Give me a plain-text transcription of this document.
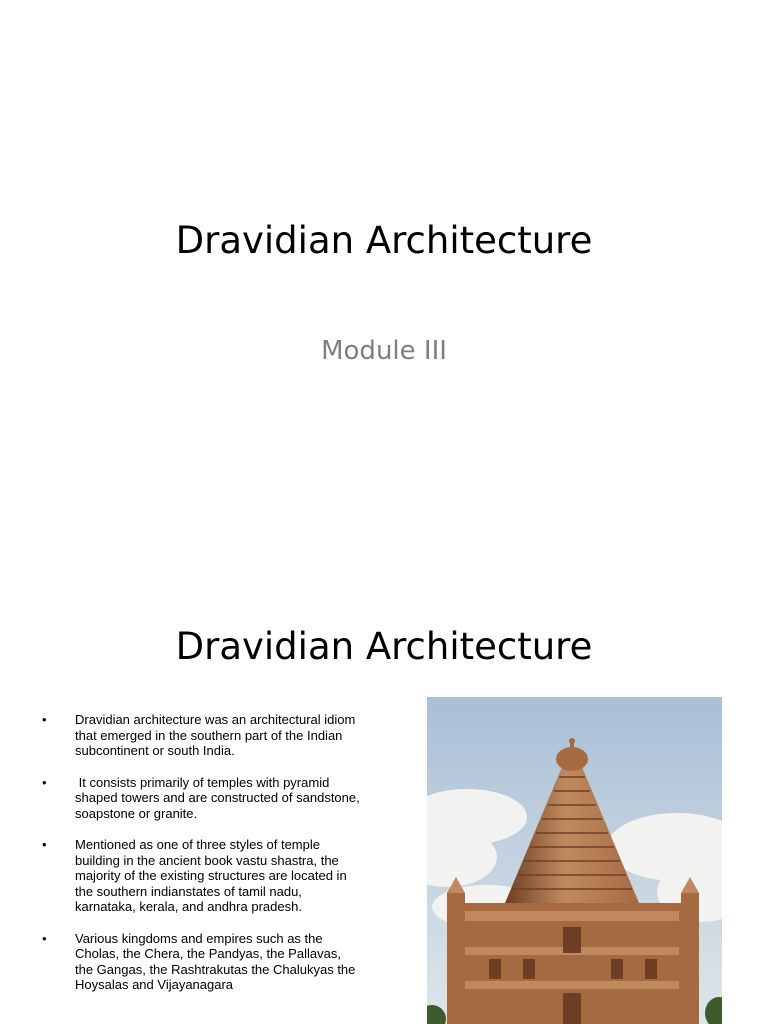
Dravidian Architecture
Module III
Dravidian Architecture
• Dravidian architecture was an architectural idiom that emerged in the southern part of the Indian subcontinent or south India.
• It consists primarily of temples with pyramid shaped towers and are constructed of sandstone, soapstone or granite.
• Mentioned as one of three styles of temple building in the ancient book vastu shastra, the majority of the existing structures are located in the southern indianstates of tamil nadu, karnataka, kerala, and andhra pradesh.
• Various kingdoms and empires such as the Cholas, the Chera, the Pandyas, the Pallavas, the Gangas, the Rashtrakutas the Chalukyas the Hoysalas and Vijayanagara
